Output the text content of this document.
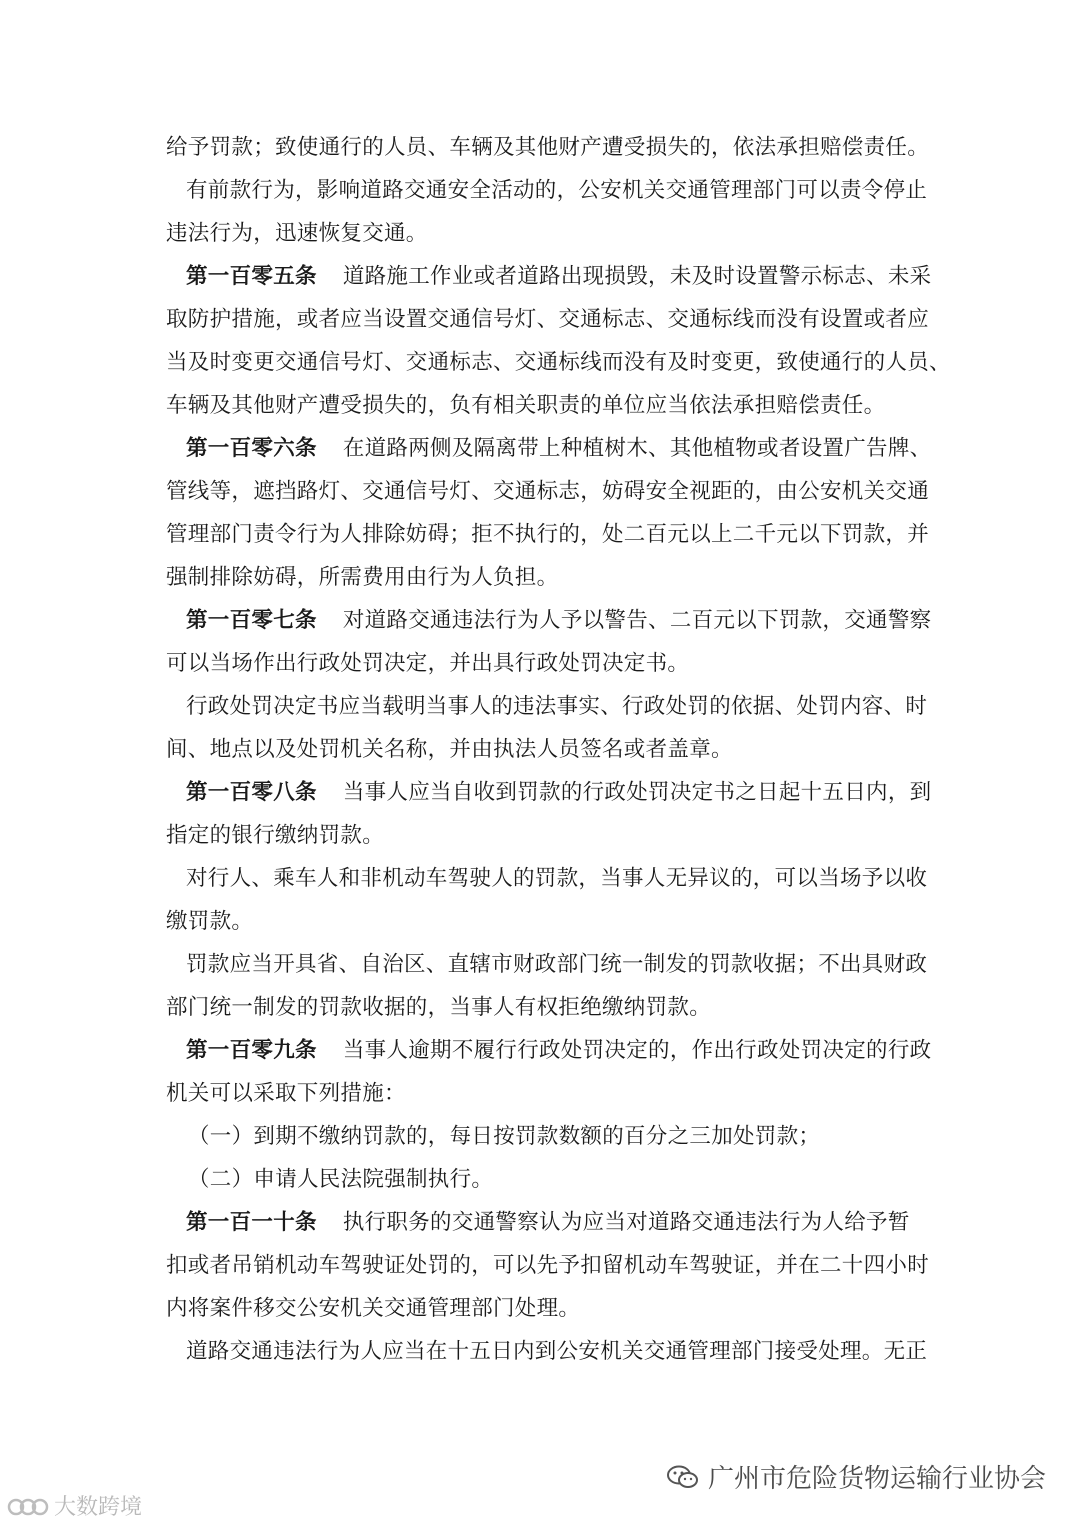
给予罚款；致使通行的人员、车辆及其他财产遭受损失的，依法承担赔偿责任。
有前款行为，影响道路交通安全活动的，公安机关交通管理部门可以责令停止
违法行为，迅速恢复交通。
第一百零五条 道路施工作业或者道路出现损毁，未及时设置警示标志、未采
取防护措施，或者应当设置交通信号灯、交通标志、交通标线而没有设置或者应
当及时变更交通信号灯、交通标志、交通标线而没有及时变更，致使通行的人员、
车辆及其他财产遭受损失的，负有相关职责的单位应当依法承担赔偿责任。
第一百零六条 在道路两侧及隔离带上种植树木、其他植物或者设置广告牌、
管线等，遮挡路灯、交通信号灯、交通标志，妨碍安全视距的，由公安机关交通
管理部门责令行为人排除妨碍；拒不执行的，处二百元以上二千元以下罚款，并
强制排除妨碍，所需费用由行为人负担。
第一百零七条 对道路交通违法行为人予以警告、二百元以下罚款，交通警察
可以当场作出行政处罚决定，并出具行政处罚决定书。
行政处罚决定书应当载明当事人的违法事实、行政处罚的依据、处罚内容、时
间、地点以及处罚机关名称，并由执法人员签名或者盖章。
第一百零八条 当事人应当自收到罚款的行政处罚决定书之日起十五日内，到
指定的银行缴纳罚款。
对行人、乘车人和非机动车驾驶人的罚款，当事人无异议的，可以当场予以收
缴罚款。
罚款应当开具省、自治区、直辖市财政部门统一制发的罚款收据；不出具财政
部门统一制发的罚款收据的，当事人有权拒绝缴纳罚款。
第一百零九条 当事人逾期不履行行政处罚决定的，作出行政处罚决定的行政
机关可以采取下列措施：
（一）到期不缴纳罚款的，每日按罚款数额的百分之三加处罚款；
（二）申请人民法院强制执行。
第一百一十条 执行职务的交通警察认为应当对道路交通违法行为人给予暂
扣或者吊销机动车驾驶证处罚的，可以先予扣留机动车驾驶证，并在二十四小时
内将案件移交公安机关交通管理部门处理。
道路交通违法行为人应当在十五日内到公安机关交通管理部门接受处理。无正
广州市危险货物运输行业协会
大数跨境
